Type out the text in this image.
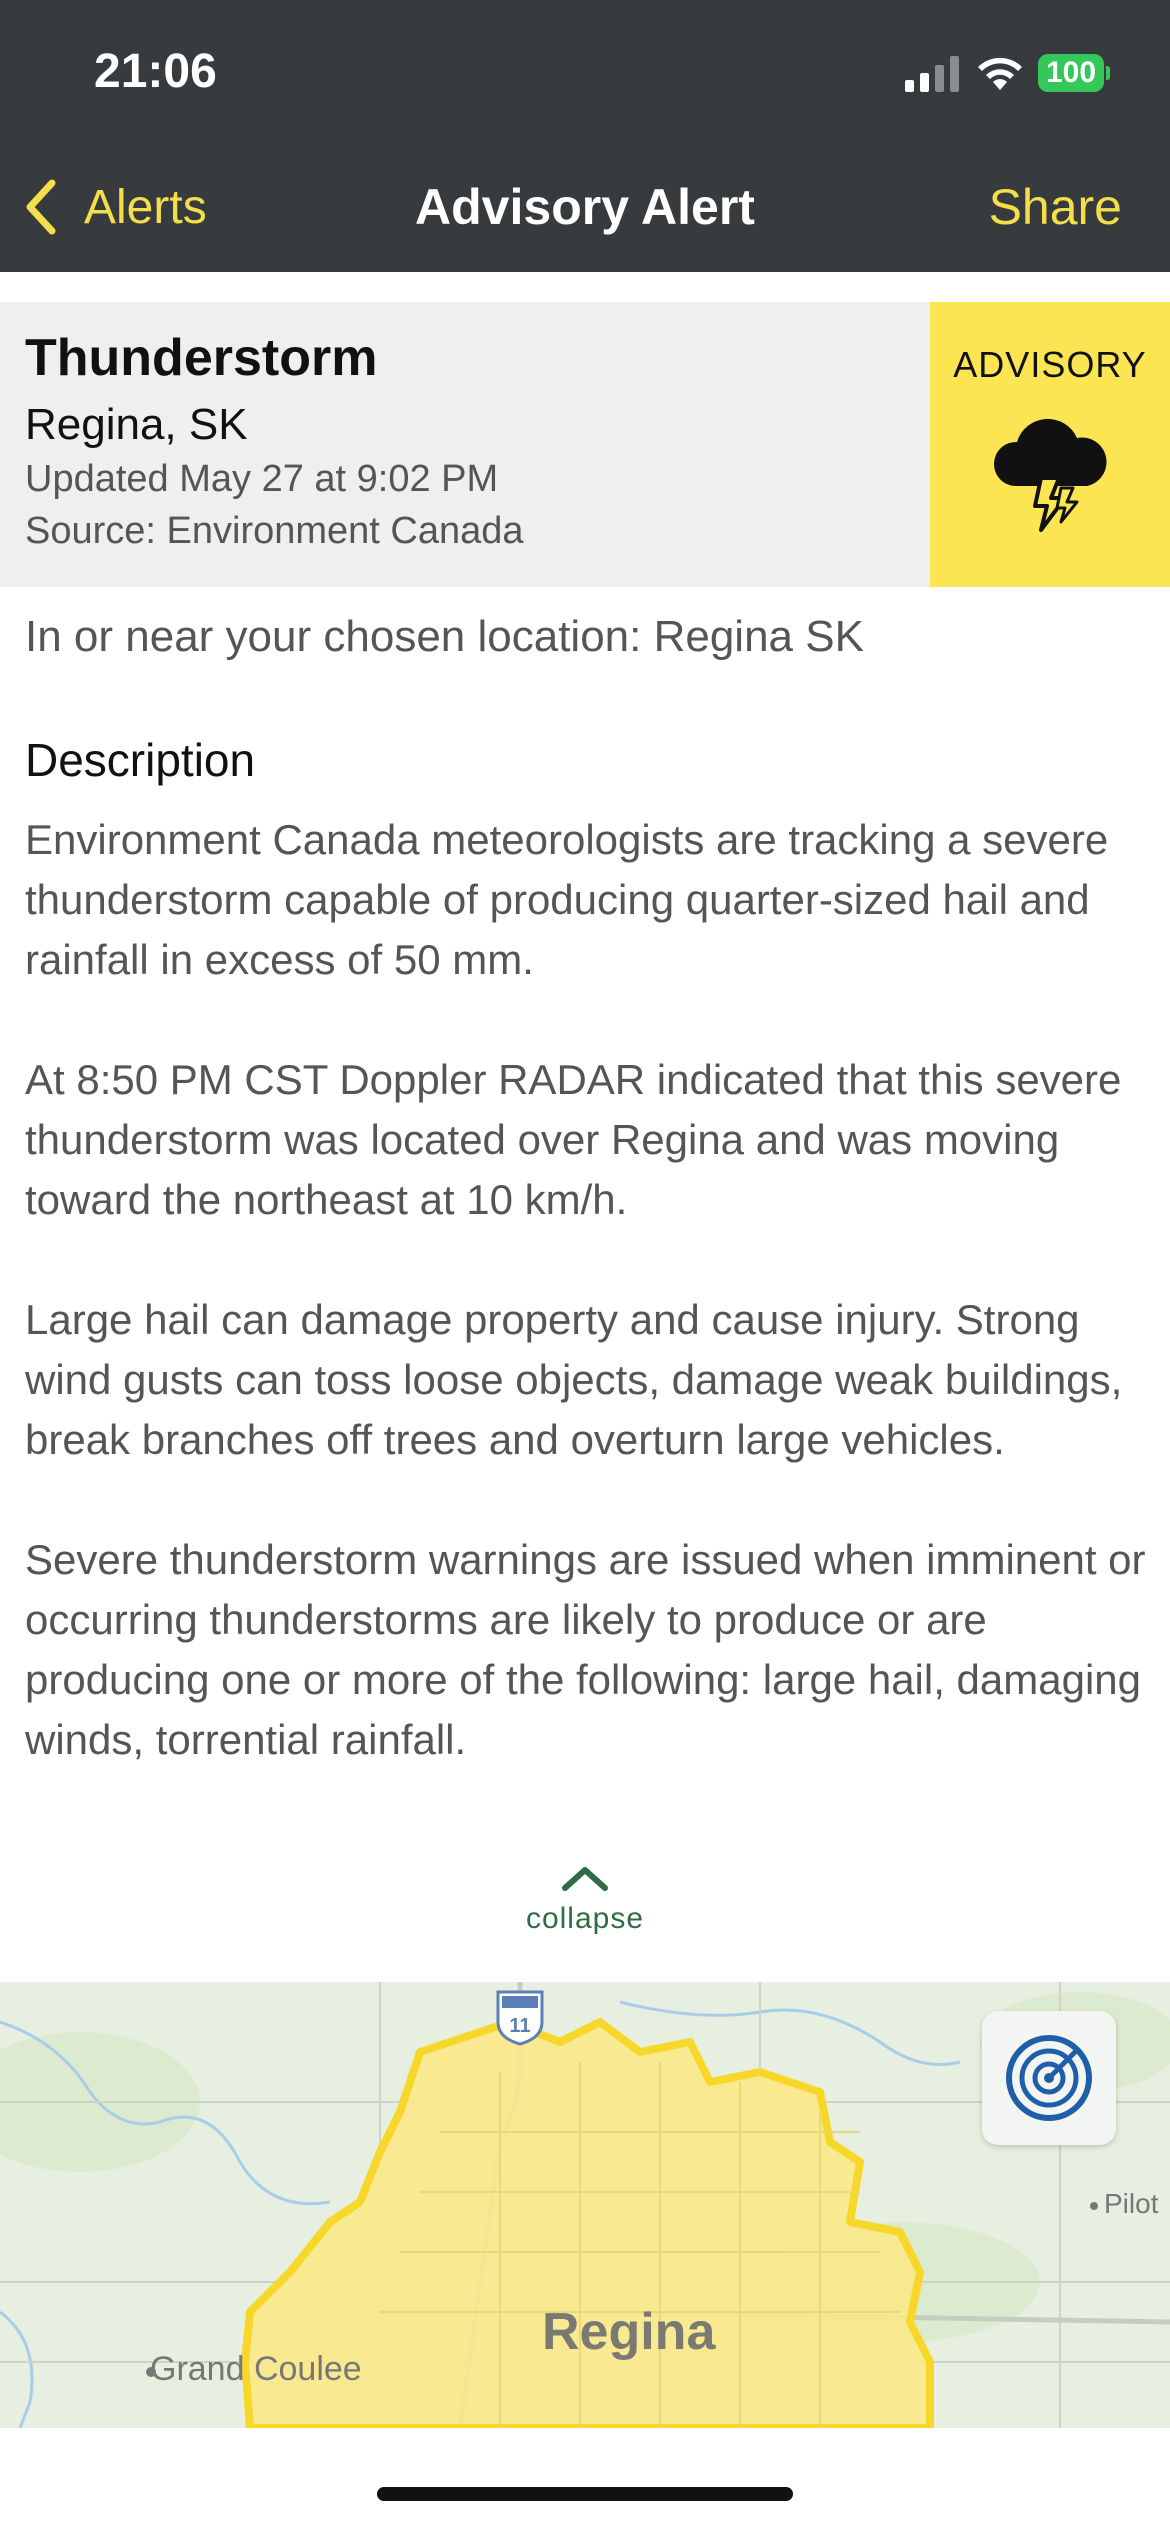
21:06	100
Alerts	Advisory Alert	Share
Thunderstorm
Regina, SK
Updated May 27 at 9:02 PM
Source: Environment Canada
ADVISORY
In or near your chosen location: Regina SK
Description

Environment Canada meteorologists are tracking a severe thunderstorm capable of producing quarter-sized hail and rainfall in excess of 50 mm.

At 8:50 PM CST Doppler RADAR indicated that this severe thunderstorm was located over Regina and was moving toward the northeast at 10 km/h.

Large hail can damage property and cause injury. Strong wind gusts can toss loose objects, damage weak buildings, break branches off trees and overturn large vehicles.

Severe thunderstorm warnings are issued when imminent or occurring thunderstorms are likely to produce or are producing one or more of the following: large hail, damaging winds, torrential rainfall.

collapse
11
Regina
Grand Coulee
Pilot
